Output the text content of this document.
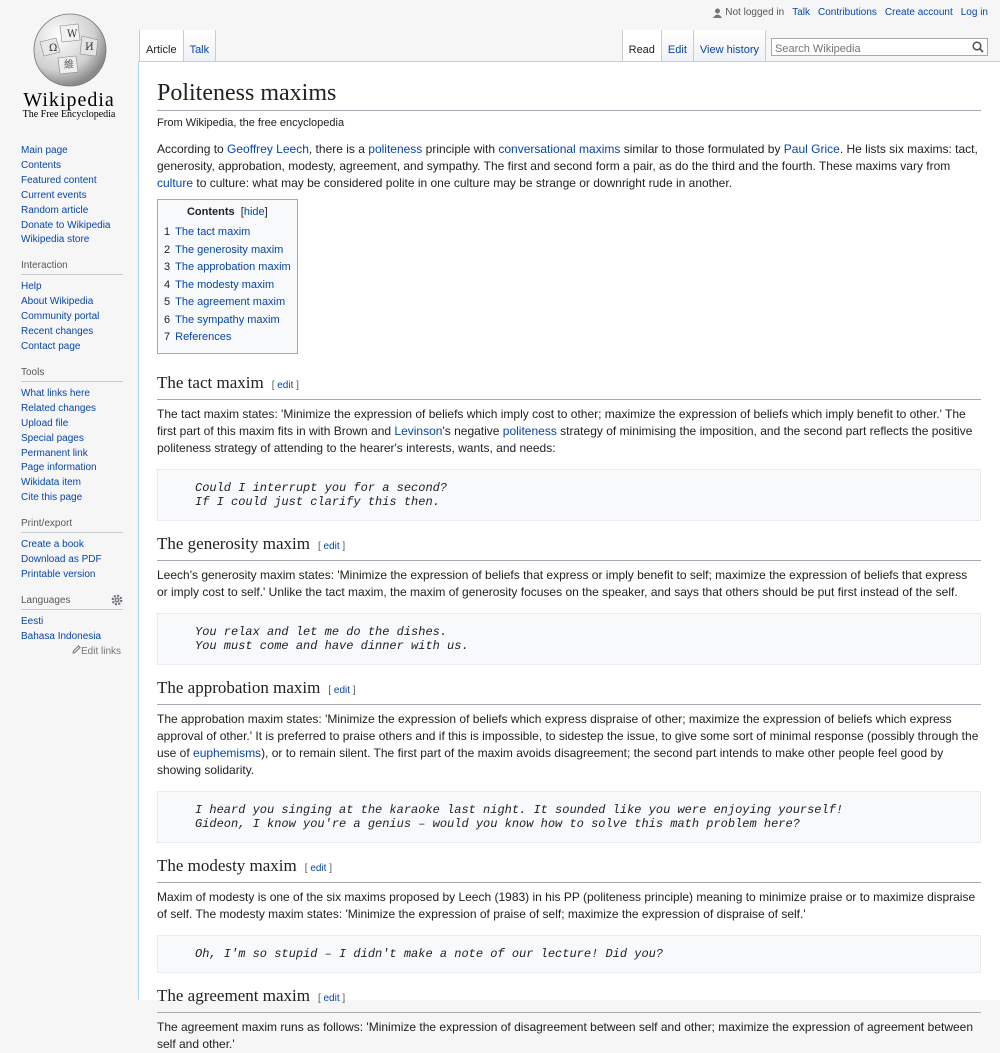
Ω
W
И
維
Wikipedia
The Free Encyclopedia
Not logged in Talk Contributions Create account Log in
Article	Talk	Read	Edit	View history
Search Wikipedia
Main page
Contents
Featured content
Current events
Random article
Donate to Wikipedia
Wikipedia store
Interaction
Help
About Wikipedia
Community portal
Recent changes
Contact page
Tools
What links here
Related changes
Upload file
Special pages
Permanent link
Page information
Wikidata item
Cite this page
Print/export
Create a book
Download as PDF
Printable version
Languages
Eesti
Bahasa Indonesia
Edit links
Politeness maxims
From Wikipedia, the free encyclopedia

According to Geoffrey Leech, there is a politeness principle with conversational maxims similar to those formulated by Paul Grice. He lists six maxims: tact, generosity, approbation, modesty, agreement, and sympathy. The first and second form a pair, as do the third and the fourth. These maxims vary from culture to culture: what may be considered polite in one culture may be strange or downright rude in another.

Contents [hide]
1 The tact maxim
2 The generosity maxim
3 The approbation maxim
4 The modesty maxim
5 The agreement maxim
6 The sympathy maxim
7 References
The tact maxim [ edit ]

The tact maxim states: 'Minimize the expression of beliefs which imply cost to other; maximize the expression of beliefs which imply benefit to other.' The first part of this maxim fits in with Brown and Levinson's negative politeness strategy of minimising the imposition, and the second part reflects the positive politeness strategy of attending to the hearer's interests, wants, and needs:

Could I interrupt you for a second?
If I could just clarify this then.
The generosity maxim [ edit ]

Leech's generosity maxim states: 'Minimize the expression of beliefs that express or imply benefit to self; maximize the expression of beliefs that express or imply cost to self.' Unlike the tact maxim, the maxim of generosity focuses on the speaker, and says that others should be put first instead of the self.

You relax and let me do the dishes.
You must come and have dinner with us.
The approbation maxim [ edit ]

The approbation maxim states: 'Minimize the expression of beliefs which express dispraise of other; maximize the expression of beliefs which express approval of other.' It is preferred to praise others and if this is impossible, to sidestep the issue, to give some sort of minimal response (possibly through the use of euphemisms), or to remain silent. The first part of the maxim avoids disagreement; the second part intends to make other people feel good by showing solidarity.

I heard you singing at the karaoke last night. It sounded like you were enjoying yourself!
Gideon, I know you're a genius – would you know how to solve this math problem here?
The modesty maxim [ edit ]

Maxim of modesty is one of the six maxims proposed by Leech (1983) in his PP (politeness principle) meaning to minimize praise or to maximize dispraise of self. The modesty maxim states: 'Minimize the expression of praise of self; maximize the expression of dispraise of self.'

Oh, I'm so stupid – I didn't make a note of our lecture! Did you?
The agreement maxim [ edit ]

The agreement maxim runs as follows: 'Minimize the expression of disagreement between self and other; maximize the expression of agreement between self and other.'
